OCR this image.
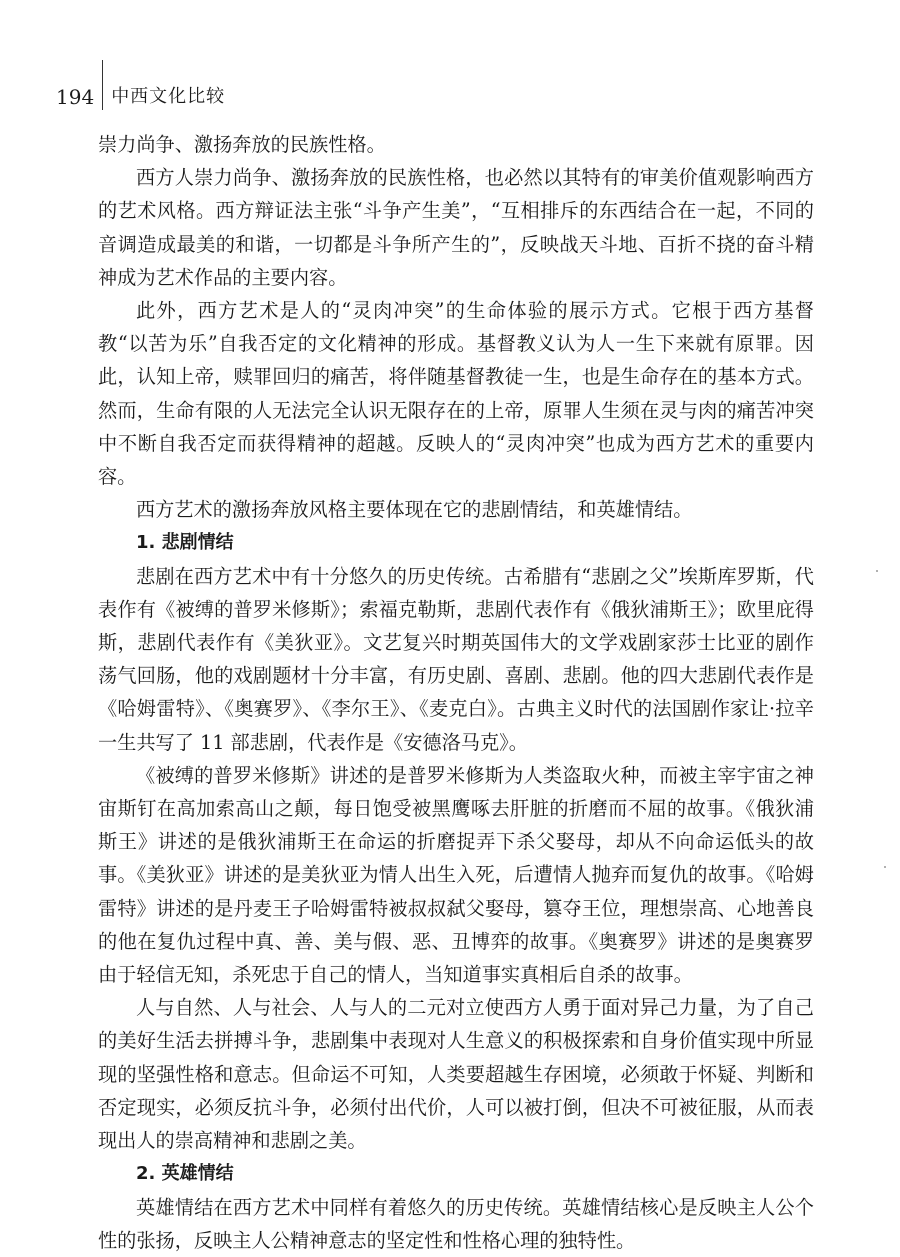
194 中西文化比较

崇力尚争、激扬奔放的民族性格。

西方人崇力尚争、激扬奔放的民族性格，也必然以其特有的审美价值观影响西方的艺术风格。西方辩证法主张“斗争产生美”，“互相排斥的东西结合在一起，不同的音调造成最美的和谐，一切都是斗争所产生的”，反映战天斗地、百折不挠的奋斗精神成为艺术作品的主要内容。

此外，西方艺术是人的“灵肉冲突”的生命体验的展示方式。它根于西方基督教“以苦为乐”自我否定的文化精神的形成。基督教义认为人一生下来就有原罪。因此，认知上帝，赎罪回归的痛苦，将伴随基督教徒一生，也是生命存在的基本方式。然而，生命有限的人无法完全认识无限存在的上帝，原罪人生须在灵与肉的痛苦冲突中不断自我否定而获得精神的超越。反映人的“灵肉冲突”也成为西方艺术的重要内容。

西方艺术的激扬奔放风格主要体现在它的悲剧情结，和英雄情结。

1. 悲剧情结

悲剧在西方艺术中有十分悠久的历史传统。古希腊有“悲剧之父”埃斯库罗斯，代表作有《被缚的普罗米修斯》；索福克勒斯，悲剧代表作有《俄狄浦斯王》；欧里庇得斯，悲剧代表作有《美狄亚》。文艺复兴时期英国伟大的文学戏剧家莎士比亚的剧作荡气回肠，他的戏剧题材十分丰富，有历史剧、喜剧、悲剧。他的四大悲剧代表作是《哈姆雷特》、《奥赛罗》、《李尔王》、《麦克白》。古典主义时代的法国剧作家让·拉辛一生共写了 11 部悲剧，代表作是《安德洛马克》。

《被缚的普罗米修斯》讲述的是普罗米修斯为人类盗取火种，而被主宰宇宙之神宙斯钉在高加索高山之颠，每日饱受被黑鹰啄去肝脏的折磨而不屈的故事。《俄狄浦斯王》讲述的是俄狄浦斯王在命运的折磨捉弄下杀父娶母，却从不向命运低头的故事。《美狄亚》讲述的是美狄亚为情人出生入死，后遭情人抛弃而复仇的故事。《哈姆雷特》讲述的是丹麦王子哈姆雷特被叔叔弑父娶母，篡夺王位，理想崇高、心地善良的他在复仇过程中真、善、美与假、恶、丑博弈的故事。《奥赛罗》讲述的是奥赛罗由于轻信无知，杀死忠于自己的情人，当知道事实真相后自杀的故事。

人与自然、人与社会、人与人的二元对立使西方人勇于面对异己力量，为了自己的美好生活去拼搏斗争，悲剧集中表现对人生意义的积极探索和自身价值实现中所显现的坚强性格和意志。但命运不可知，人类要超越生存困境，必须敢于怀疑、判断和否定现实，必须反抗斗争，必须付出代价，人可以被打倒，但决不可被征服，从而表现出人的崇高精神和悲剧之美。

2. 英雄情结

英雄情结在西方艺术中同样有着悠久的历史传统。英雄情结核心是反映主人公个性的张扬，反映主人公精神意志的坚定性和性格心理的独特性。
